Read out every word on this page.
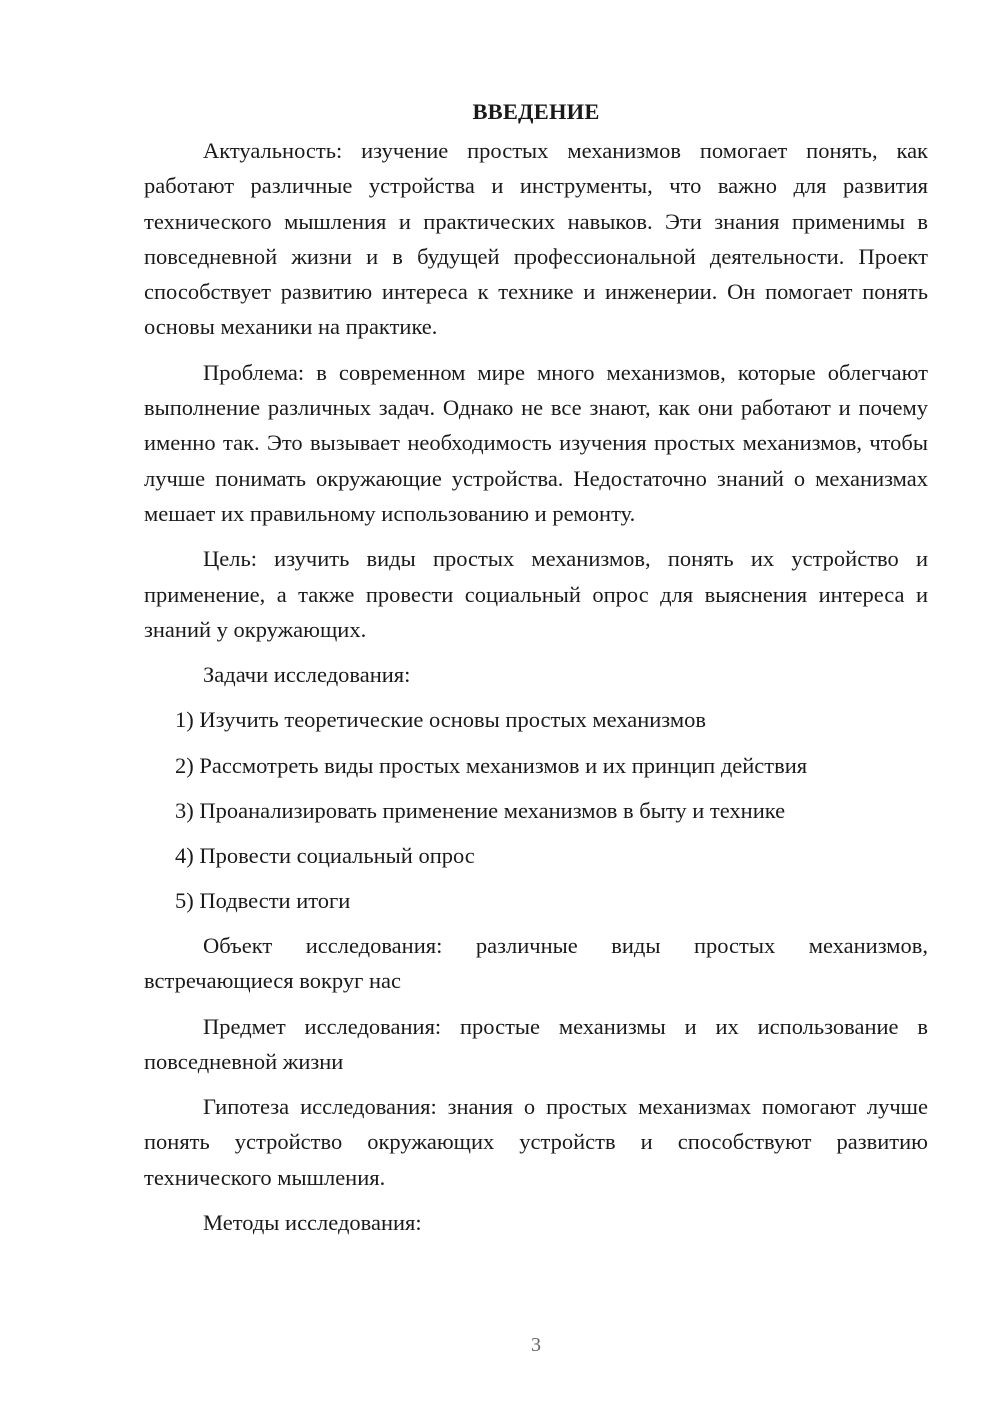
ВВЕДЕНИЕ

Актуальность: изучение простых механизмов помогает понять, как работают различные устройства и инструменты, что важно для развития технического мышления и практических навыков. Эти знания применимы в повседневной жизни и в будущей профессиональной деятельности. Проект способствует развитию интереса к технике и инженерии. Он помогает понять основы механики на практике.

Проблема: в современном мире много механизмов, которые облегчают выполнение различных задач. Однако не все знают, как они работают и почему именно так. Это вызывает необходимость изучения простых механизмов, чтобы лучше понимать окружающие устройства. Недостаточно знаний о механизмах мешает их правильному использованию и ремонту.

Цель: изучить виды простых механизмов, понять их устройство и применение, а также провести социальный опрос для выяснения интереса и знаний у окружающих.

Задачи исследования:

1) Изучить теоретические основы простых механизмов
2) Рассмотреть виды простых механизмов и их принцип действия
3) Проанализировать применение механизмов в быту и технике
4) Провести социальный опрос
5) Подвести итоги

Объект исследования: различные виды простых механизмов, встречающиеся вокруг нас

Предмет исследования: простые механизмы и их использование в повседневной жизни

Гипотеза исследования: знания о простых механизмах помогают лучше понять устройство окружающих устройств и способствуют развитию технического мышления.

Методы исследования:

3
